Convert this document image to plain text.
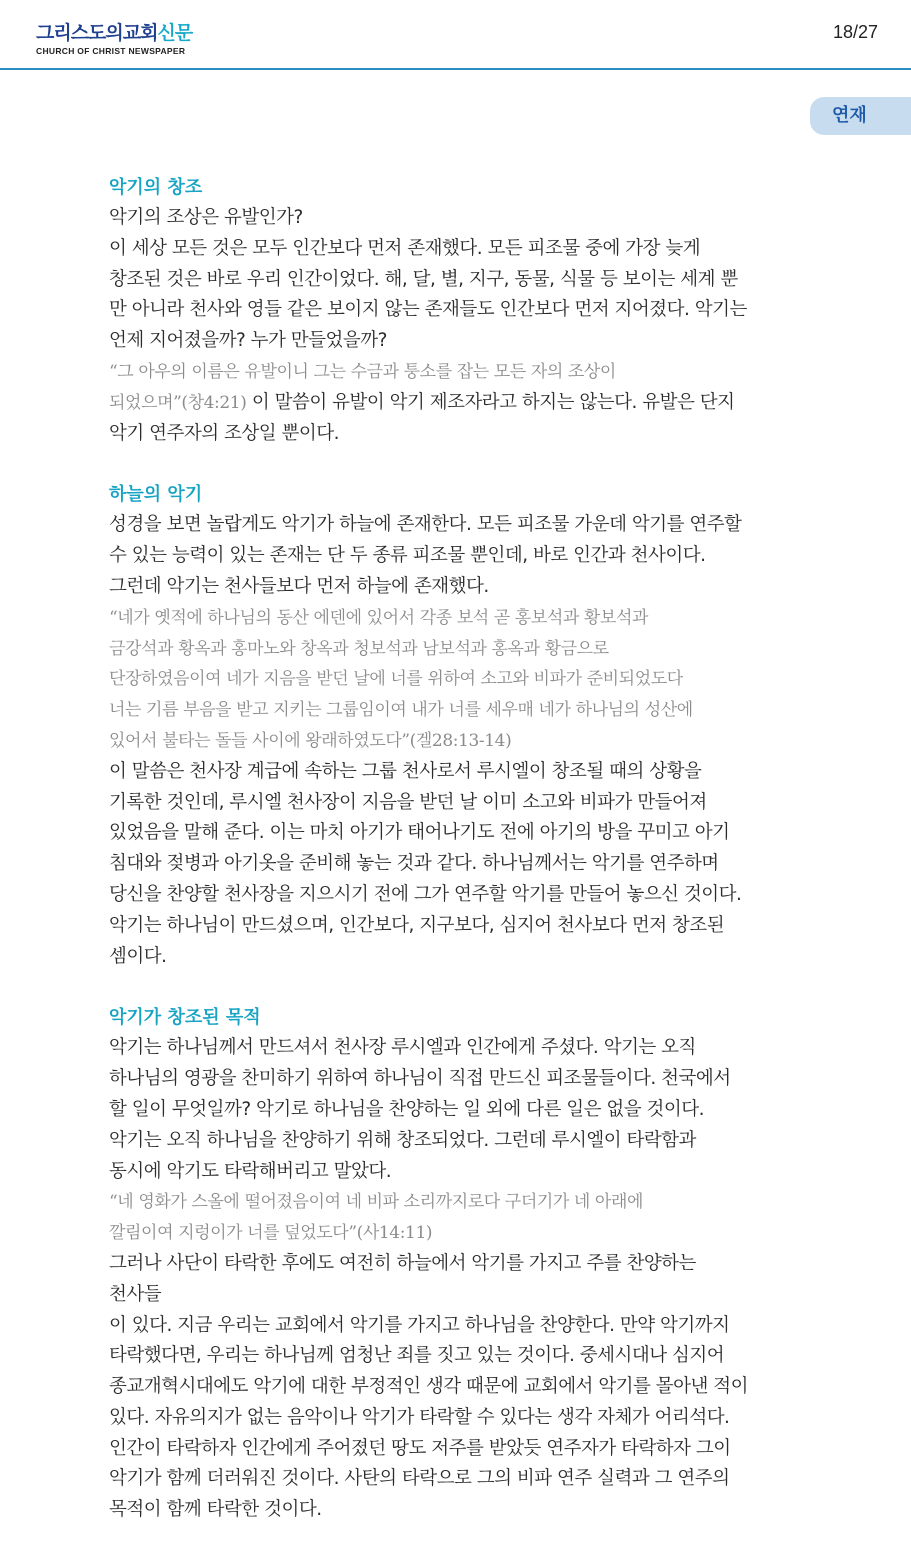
그리스도의교회신문
CHURCH OF CHRIST NEWSPAPER
18/27
연재
악기의 창조
악기의 조상은 유발인가?
이 세상 모든 것은 모두 인간보다 먼저 존재했다. 모든 피조물 중에 가장 늦게
창조된 것은 바로 우리 인간이었다. 해, 달, 별, 지구, 동물, 식물 등 보이는 세계 뿐
만 아니라 천사와 영들 같은 보이지 않는 존재들도 인간보다 먼저 지어졌다. 악기는
언제 지어졌을까? 누가 만들었을까?
“그 아우의 이름은 유발이니 그는 수금과 퉁소를 잡는 모든 자의 조상이
되었으며”(창4:21) 이 말씀이 유발이 악기 제조자라고 하지는 않는다. 유발은 단지
악기 연주자의 조상일 뿐이다.
하늘의 악기
성경을 보면 놀랍게도 악기가 하늘에 존재한다. 모든 피조물 가운데 악기를 연주할
수 있는 능력이 있는 존재는 단 두 종류 피조물 뿐인데, 바로 인간과 천사이다.
그런데 악기는 천사들보다 먼저 하늘에 존재했다.
“네가 옛적에 하나님의 동산 에덴에 있어서 각종 보석 곧 홍보석과 황보석과
금강석과 황옥과 홍마노와 창옥과 청보석과 남보석과 홍옥과 황금으로
단장하였음이여 네가 지음을 받던 날에 너를 위하여 소고와 비파가 준비되었도다
너는 기름 부음을 받고 지키는 그룹임이여 내가 너를 세우매 네가 하나님의 성산에
있어서 불타는 돌들 사이에 왕래하였도다”(겔28:13-14)
이 말씀은 천사장 계급에 속하는 그룹 천사로서 루시엘이 창조될 때의 상황을
기록한 것인데, 루시엘 천사장이 지음을 받던 날 이미 소고와 비파가 만들어져
있었음을 말해 준다. 이는 마치 아기가 태어나기도 전에 아기의 방을 꾸미고 아기
침대와 젖병과 아기옷을 준비해 놓는 것과 같다. 하나님께서는 악기를 연주하며
당신을 찬양할 천사장을 지으시기 전에 그가 연주할 악기를 만들어 놓으신 것이다.
악기는 하나님이 만드셨으며, 인간보다, 지구보다, 심지어 천사보다 먼저 창조된
셈이다.
악기가 창조된 목적
악기는 하나님께서 만드셔서 천사장 루시엘과 인간에게 주셨다. 악기는 오직
하나님의 영광을 찬미하기 위하여 하나님이 직접 만드신 피조물들이다. 천국에서
할 일이 무엇일까? 악기로 하나님을 찬양하는 일 외에 다른 일은 없을 것이다.
악기는 오직 하나님을 찬양하기 위해 창조되었다. 그런데 루시엘이 타락함과
동시에 악기도 타락해버리고 말았다.
“네 영화가 스올에 떨어졌음이여 네 비파 소리까지로다 구더기가 네 아래에
깔림이여 지렁이가 너를 덮었도다”(사14:11)
그러나 사단이 타락한 후에도 여전히 하늘에서 악기를 가지고 주를 찬양하는
천사들
이 있다. 지금 우리는 교회에서 악기를 가지고 하나님을 찬양한다. 만약 악기까지
타락했다면, 우리는 하나님께 엄청난 죄를 짓고 있는 것이다. 중세시대나 심지어
종교개혁시대에도 악기에 대한 부정적인 생각 때문에 교회에서 악기를 몰아낸 적이
있다. 자유의지가 없는 음악이나 악기가 타락할 수 있다는 생각 자체가 어리석다.
인간이 타락하자 인간에게 주어졌던 땅도 저주를 받았듯 연주자가 타락하자 그이
악기가 함께 더러워진 것이다. 사탄의 타락으로 그의 비파 연주 실력과 그 연주의
목적이 함께 타락한 것이다.
